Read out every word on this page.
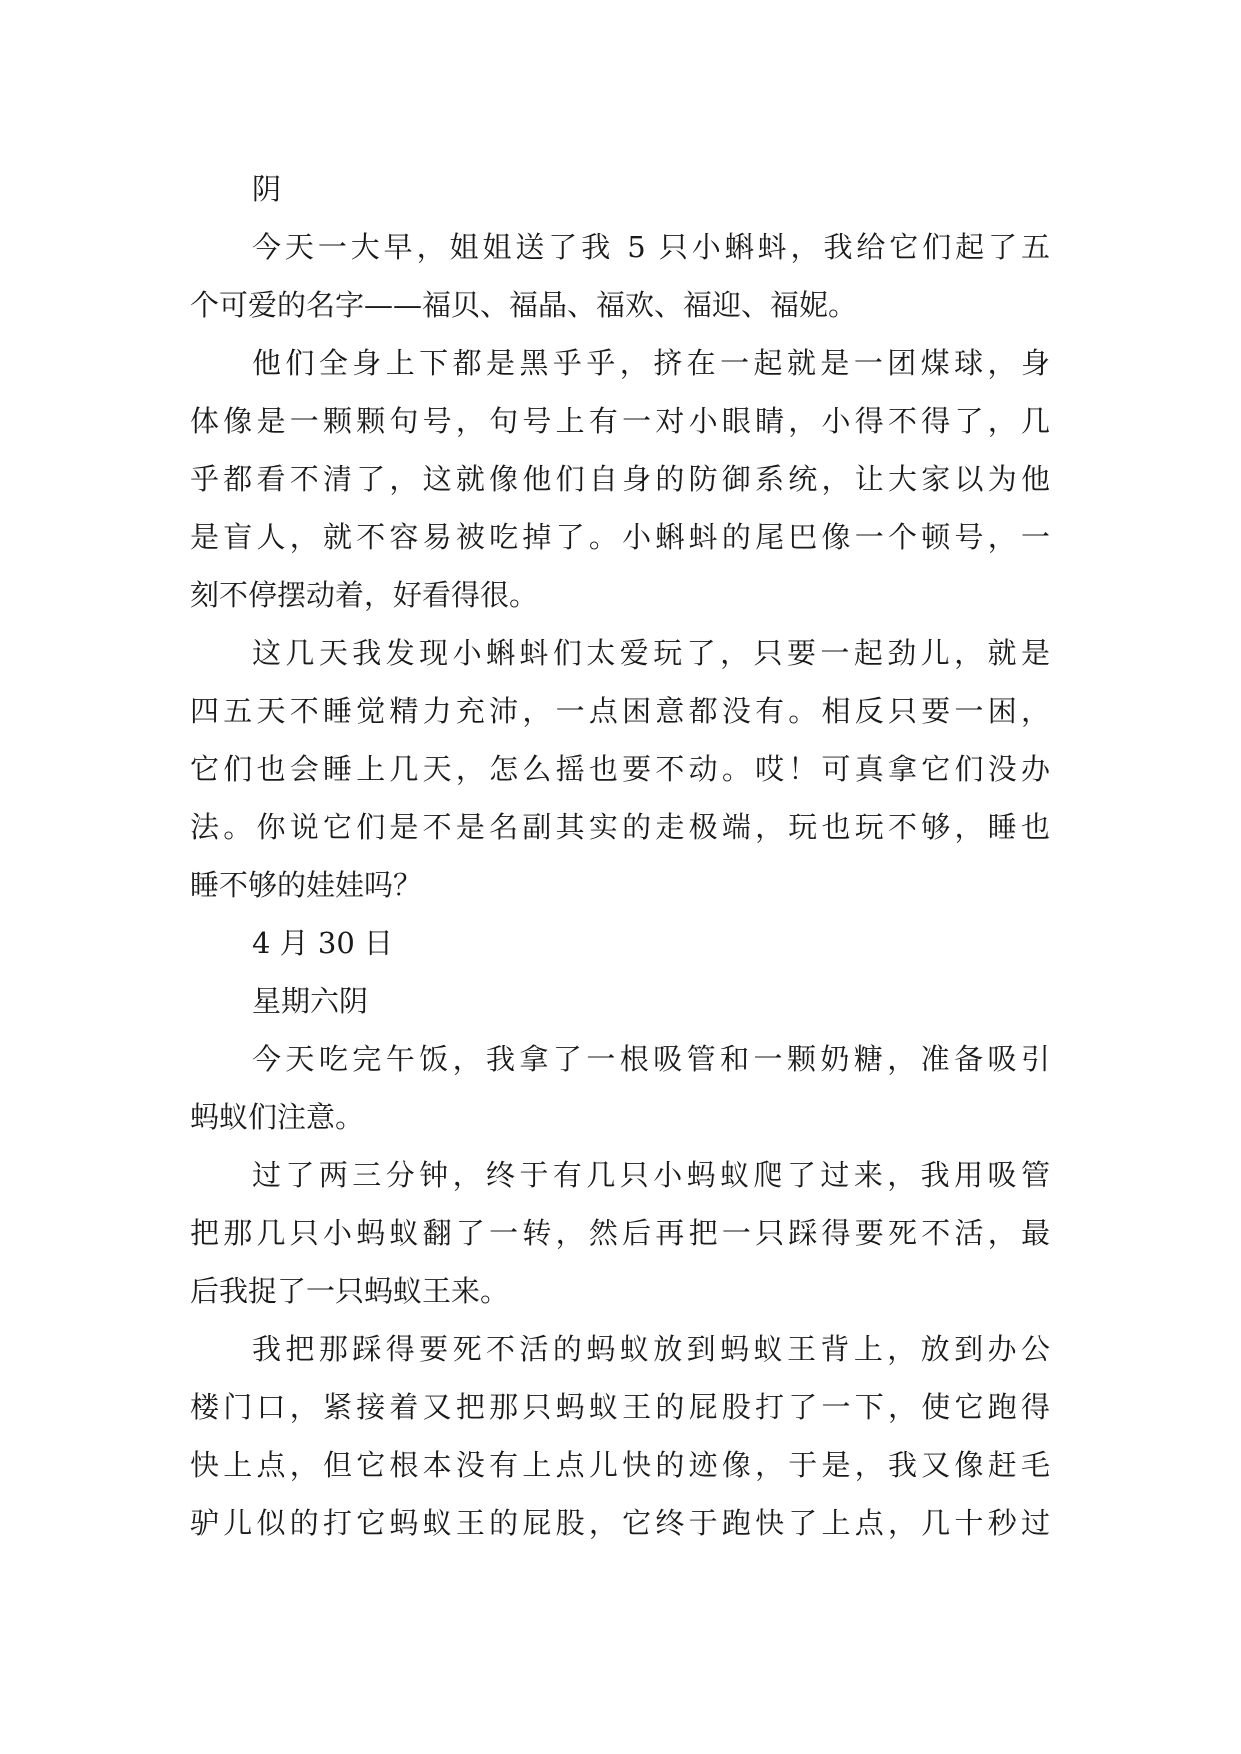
阴
今天一大早，姐姐送了我 5 只小蝌蚪，我给它们起了五
个可爱的名字——福贝、福晶、福欢、福迎、福妮。
他们全身上下都是黑乎乎，挤在一起就是一团煤球，身
体像是一颗颗句号，句号上有一对小眼睛，小得不得了，几
乎都看不清了，这就像他们自身的防御系统，让大家以为他
是盲人，就不容易被吃掉了。小蝌蚪的尾巴像一个顿号，一
刻不停摆动着，好看得很。
这几天我发现小蝌蚪们太爱玩了，只要一起劲儿，就是
四五天不睡觉精力充沛，一点困意都没有。相反只要一困，
它们也会睡上几天，怎么摇也要不动。哎！可真拿它们没办
法。你说它们是不是名副其实的走极端，玩也玩不够，睡也
睡不够的娃娃吗？
4 月 30 日
星期六阴
今天吃完午饭，我拿了一根吸管和一颗奶糖，准备吸引
蚂蚁们注意。
过了两三分钟，终于有几只小蚂蚁爬了过来，我用吸管
把那几只小蚂蚁翻了一转，然后再把一只踩得要死不活，最
后我捉了一只蚂蚁王来。
我把那踩得要死不活的蚂蚁放到蚂蚁王背上，放到办公
楼门口，紧接着又把那只蚂蚁王的屁股打了一下，使它跑得
快上点，但它根本没有上点儿快的迹像，于是，我又像赶毛
驴儿似的打它蚂蚁王的屁股，它终于跑快了上点，几十秒过
